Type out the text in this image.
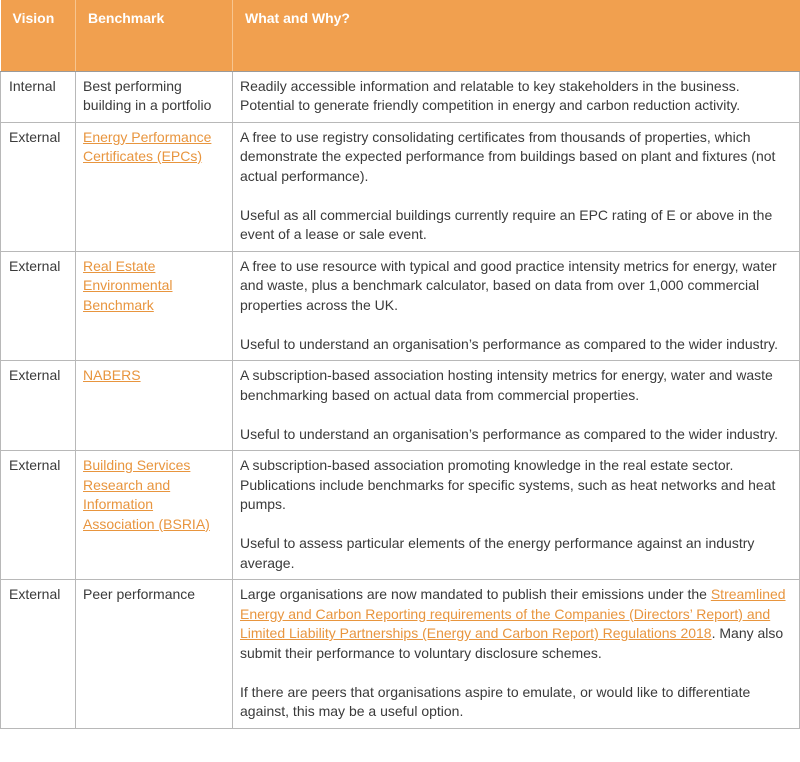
Vision	Benchmark	What and Why?
Internal	Best performing building in a portfolio	Readily accessible information and relatable to key stakeholders in the business. Potential to generate friendly competition in energy and carbon reduction activity.

External	Energy Performance Certificates (EPCs)	A free to use registry consolidating certificates from thousands of properties, which demonstrate the expected performance from buildings based on plant and fixtures (not actual performance).

Useful as all commercial buildings currently require an EPC rating of E or above in the event of a lease or sale event.

External	Real Estate Environmental Benchmark	A free to use resource with typical and good practice intensity metrics for energy, water and waste, plus a benchmark calculator, based on data from over 1,000 commercial properties across the UK.

Useful to understand an organisation’s performance as compared to the wider industry.

External	NABERS	A subscription-based association hosting intensity metrics for energy, water and waste benchmarking based on actual data from commercial properties.

Useful to understand an organisation’s performance as compared to the wider industry.

External	Building Services Research and Information Association (BSRIA)	A subscription-based association promoting knowledge in the real estate sector. Publications include benchmarks for specific systems, such as heat networks and heat pumps.

Useful to assess particular elements of the energy performance against an industry average.

External	Peer performance	Large organisations are now mandated to publish their emissions under the Streamlined Energy and Carbon Reporting requirements of the Companies (Directors’ Report) and Limited Liability Partnerships (Energy and Carbon Report) Regulations 2018. Many also submit their performance to voluntary disclosure schemes.

If there are peers that organisations aspire to emulate, or would like to differentiate against, this may be a useful option.
